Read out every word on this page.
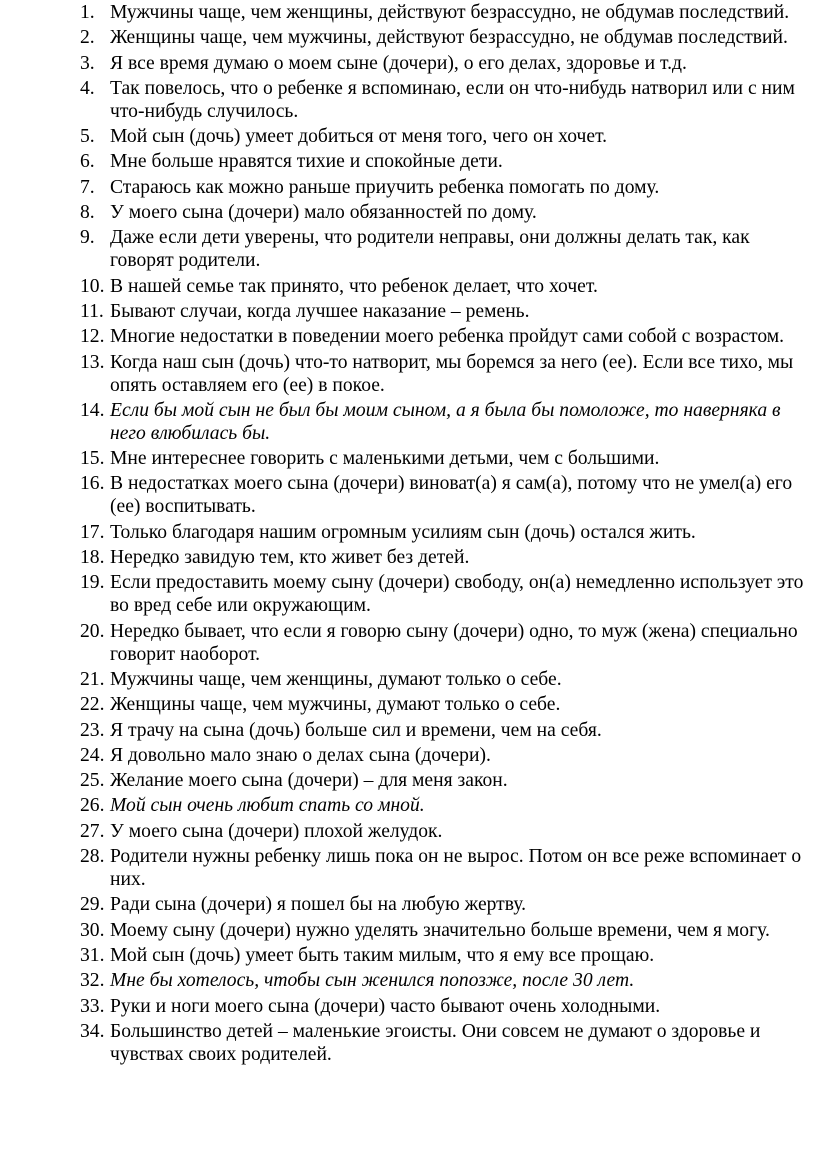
1. Мужчины чаще, чем женщины, действуют безрассудно, не обдумав последствий.
2. Женщины чаще, чем мужчины, действуют безрассудно, не обдумав последствий.
3. Я все время думаю о моем сыне (дочери), о его делах, здоровье и т.д.
4. Так повелось, что о ребенке я вспоминаю, если он что-нибудь натворил или с ним что-нибудь случилось.
5. Мой сын (дочь) умеет добиться от меня того, чего он хочет.
6. Мне больше нравятся тихие и спокойные дети.
7. Стараюсь как можно раньше приучить ребенка помогать по дому.
8. У моего сына (дочери) мало обязанностей по дому.
9. Даже если дети уверены, что родители неправы, они должны делать так, как говорят родители.
10. В нашей семье так принято, что ребенок делает, что хочет.
11. Бывают случаи, когда лучшее наказание – ремень.
12. Многие недостатки в поведении моего ребенка пройдут сами собой с возрастом.
13. Когда наш сын (дочь) что-то натворит, мы боремся за него (ее). Если все тихо, мы опять оставляем его (ее) в покое.
14. Если бы мой сын не был бы моим сыном, а я была бы помоложе, то наверняка в него влюбилась бы.
15. Мне интереснее говорить с маленькими детьми, чем с большими.
16. В недостатках моего сына (дочери) виноват(а) я сам(а), потому что не умел(а) его (ее) воспитывать.
17. Только благодаря нашим огромным усилиям сын (дочь) остался жить.
18. Нередко завидую тем, кто живет без детей.
19. Если предоставить моему сыну (дочери) свободу, он(а) немедленно использует это во вред себе или окружающим.
20. Нередко бывает, что если я говорю сыну (дочери) одно, то муж (жена) специально говорит наоборот.
21. Мужчины чаще, чем женщины, думают только о себе.
22. Женщины чаще, чем мужчины, думают только о себе.
23. Я трачу на сына (дочь) больше сил и времени, чем на себя.
24. Я довольно мало знаю о делах сына (дочери).
25. Желание моего сына (дочери) – для меня закон.
26. Мой сын очень любит спать со мной.
27. У моего сына (дочери) плохой желудок.
28. Родители нужны ребенку лишь пока он не вырос. Потом он все реже вспоминает о них.
29. Ради сына (дочери) я пошел бы на любую жертву.
30. Моему сыну (дочери) нужно уделять значительно больше времени, чем я могу.
31. Мой сын (дочь) умеет быть таким милым, что я ему все прощаю.
32. Мне бы хотелось, чтобы сын женился попозже, после 30 лет.
33. Руки и ноги моего сына (дочери) часто бывают очень холодными.
34. Большинство детей – маленькие эгоисты. Они совсем не думают о здоровье и чувствах своих родителей.
